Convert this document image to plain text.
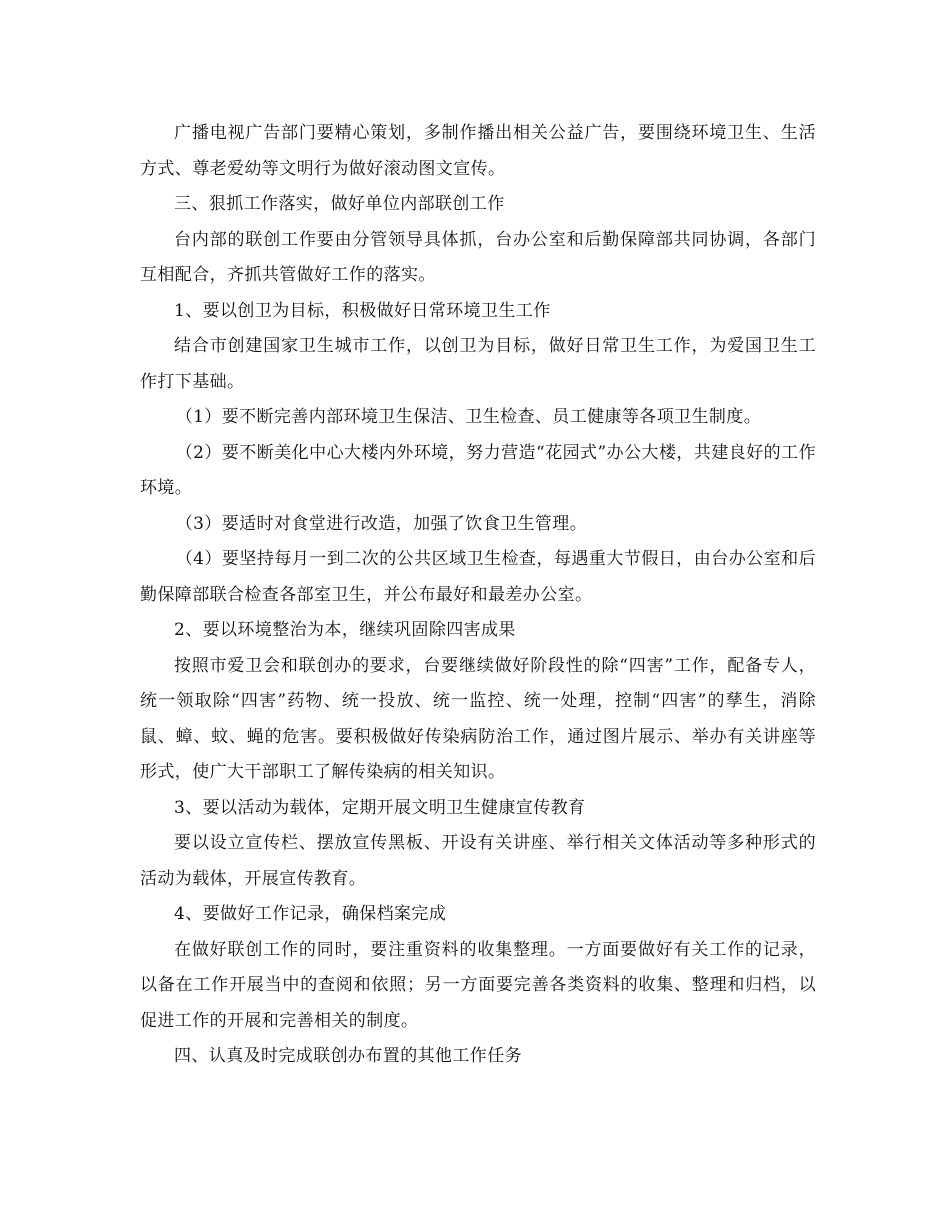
广播电视广告部门要精心策划，多制作播出相关公益广告，要围绕环境卫生、生活方式、尊老爱幼等文明行为做好滚动图文宣传。

三、狠抓工作落实，做好单位内部联创工作

台内部的联创工作要由分管领导具体抓，台办公室和后勤保障部共同协调，各部门互相配合，齐抓共管做好工作的落实。

1、要以创卫为目标，积极做好日常环境卫生工作

结合市创建国家卫生城市工作，以创卫为目标，做好日常卫生工作，为爱国卫生工作打下基础。

（1）要不断完善内部环境卫生保洁、卫生检查、员工健康等各项卫生制度。

（2）要不断美化中心大楼内外环境，努力营造“花园式”办公大楼，共建良好的工作环境。

（3）要适时对食堂进行改造，加强了饮食卫生管理。

（4）要坚持每月一到二次的公共区域卫生检查，每遇重大节假日，由台办公室和后勤保障部联合检查各部室卫生，并公布最好和最差办公室。

2、要以环境整治为本，继续巩固除四害成果

按照市爱卫会和联创办的要求，台要继续做好阶段性的除“四害”工作，配备专人，统一领取除“四害”药物、统一投放、统一监控、统一处理，控制“四害”的孳生，消除鼠、蟑、蚊、蝇的危害。要积极做好传染病防治工作，通过图片展示、举办有关讲座等形式，使广大干部职工了解传染病的相关知识。

3、要以活动为载体，定期开展文明卫生健康宣传教育

要以设立宣传栏、摆放宣传黑板、开设有关讲座、举行相关文体活动等多种形式的活动为载体，开展宣传教育。

4、要做好工作记录，确保档案完成

在做好联创工作的同时，要注重资料的收集整理。一方面要做好有关工作的记录，以备在工作开展当中的查阅和依照；另一方面要完善各类资料的收集、整理和归档，以促进工作的开展和完善相关的制度。

四、认真及时完成联创办布置的其他工作任务
